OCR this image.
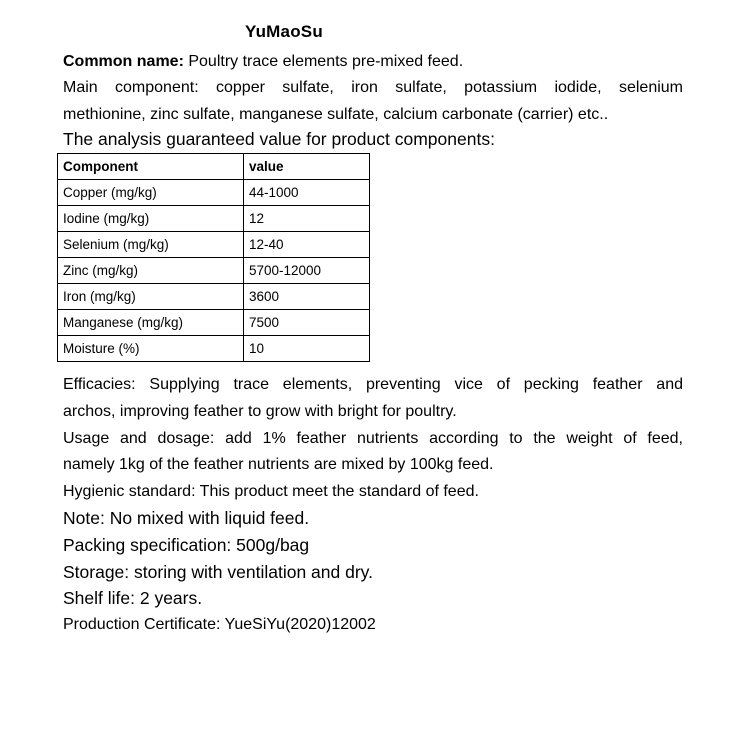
YuMaoSu
Common name: Poultry trace elements pre-mixed feed.
Main component: copper sulfate, iron sulfate, potassium iodide, selenium
methionine, zinc sulfate, manganese sulfate, calcium carbonate (carrier) etc..
The analysis guaranteed value for product components:
Component	value
Copper (mg/kg)	44-1000
Iodine (mg/kg)	12
Selenium (mg/kg)	12-40
Zinc (mg/kg)	5700-12000
Iron (mg/kg)	3600
Manganese (mg/kg)	7500
Moisture (%)	10
Efficacies: Supplying trace elements, preventing vice of pecking feather and
archos, improving feather to grow with bright for poultry.
Usage and dosage: add 1% feather nutrients according to the weight of feed,
namely 1kg of the feather nutrients are mixed by 100kg feed.
Hygienic standard: This product meet the standard of feed.
Note: No mixed with liquid feed.
Packing specification: 500g/bag
Storage: storing with ventilation and dry.
Shelf life: 2 years.
Production Certificate: YueSiYu(2020)12002
